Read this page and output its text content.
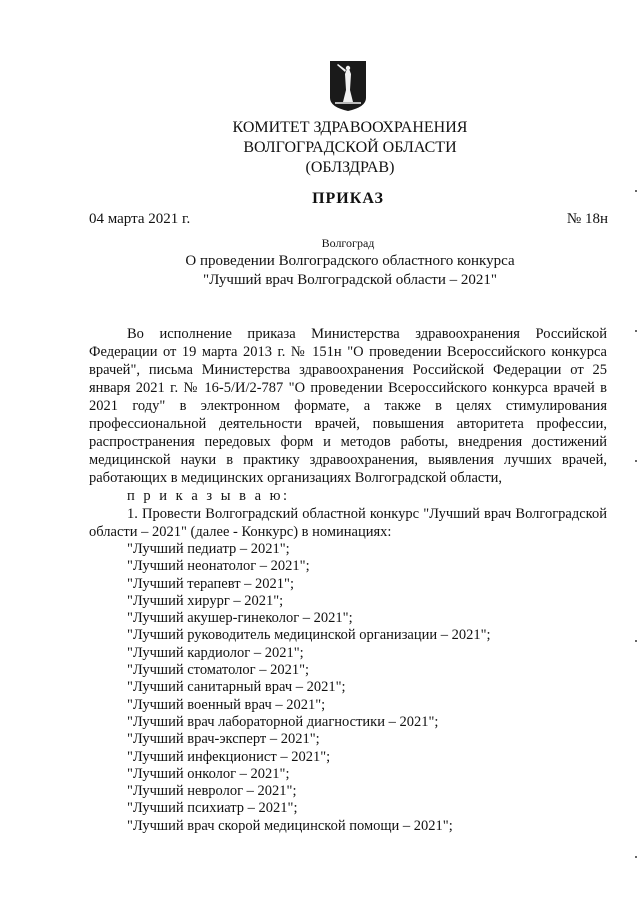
КОМИТЕТ ЗДРАВООХРАНЕНИЯ
ВОЛГОГРАДСКОЙ ОБЛАСТИ
(ОБЛЗДРАВ)
ПРИКАЗ
04 марта 2021 г.	№ 18н
Волгоград
О проведении Волгоградского областного конкурса
"Лучший врач Волгоградской области – 2021"

Во исполнение приказа Министерства здравоохранения Российской Федерации от 19 марта 2013 г. № 151н "О проведении Всероссийского конкурса врачей", письма Министерства здравоохранения Российской Федерации от 25 января 2021 г. № 16-5/И/2-787 "О проведении Всероссийского конкурса врачей в 2021 году" в электронном формате, а также в целях стимулирования профессиональной деятельности врачей, повышения авторитета профессии, распространения передовых форм и методов работы, внедрения достижений медицинской науки в практику здравоохранения, выявления лучших врачей, работающих в медицинских организациях Волгоградской области,

п р и к а з ы в а ю:

1. Провести Волгоградский областной конкурс "Лучший врач Волгоградской области – 2021" (далее - Конкурс) в номинациях:

"Лучший педиатр – 2021";
"Лучший неонатолог – 2021";
"Лучший терапевт – 2021";
"Лучший хирург – 2021";
"Лучший акушер-гинеколог – 2021";
"Лучший руководитель медицинской организации – 2021";
"Лучший кардиолог – 2021";
"Лучший стоматолог – 2021";
"Лучший санитарный врач – 2021";
"Лучший военный врач – 2021";
"Лучший врач лабораторной диагностики – 2021";
"Лучший врач-эксперт – 2021";
"Лучший инфекционист – 2021";
"Лучший онколог – 2021";
"Лучший невролог – 2021";
"Лучший психиатр – 2021";
"Лучший врач скорой медицинской помощи – 2021";
